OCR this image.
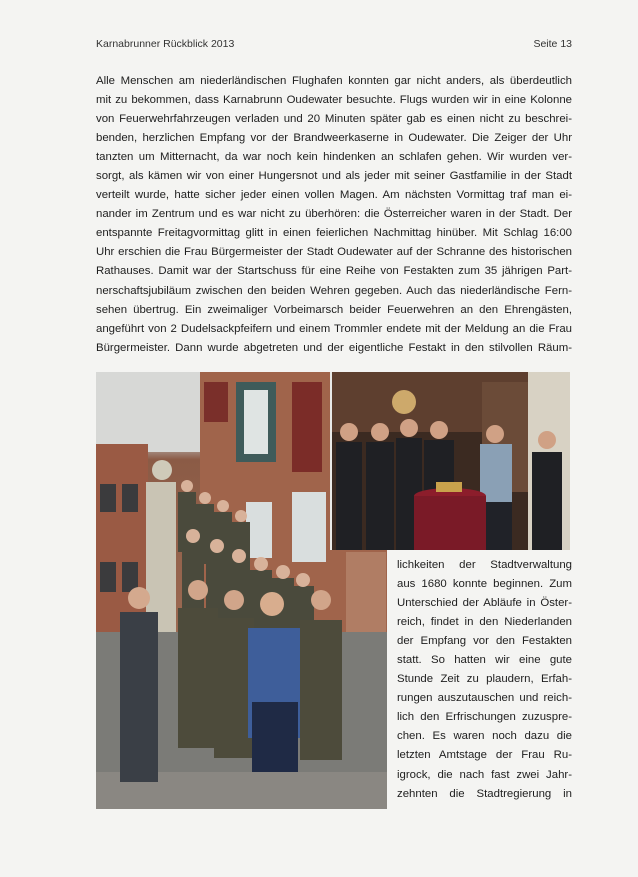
Karnabrunner Rückblick 2013	Seite 13
Alle Menschen am niederländischen Flughafen konnten gar nicht anders, als überdeutlich
mit zu bekommen, dass Karnabrunn Oudewater besuchte. Flugs wurden wir in eine Kolonne
von Feuerwehrfahrzeugen verladen und 20 Minuten später gab es einen nicht zu beschrei-
benden, herzlichen Empfang vor der Brandweerkaserne in Oudewater. Die Zeiger der Uhr
tanzten um Mitternacht, da war noch kein hindenken an schlafen gehen. Wir wurden ver-
sorgt, als kämen wir von einer Hungersnot und als jeder mit seiner Gastfamilie in der Stadt
verteilt wurde, hatte sicher jeder einen vollen Magen. Am nächsten Vormittag traf man ei-
nander im Zentrum und es war nicht zu überhören: die Österreicher waren in der Stadt. Der
entspannte Freitagvormittag glitt in einen feierlichen Nachmittag hinüber. Mit Schlag 16:00
Uhr erschien die Frau Bürgermeister der Stadt Oudewater auf der Schranne des historischen
Rathauses. Damit war der Startschuss für eine Reihe von Festakten zum 35 jährigen Part-
nerschaftsjubiläum zwischen den beiden Wehren gegeben. Auch das niederländische Fern-
sehen übertrug. Ein zweimaliger Vorbeimarsch beider Feuerwehren an den Ehrengästen,
angeführt von 2 Dudelsackpfeifern und einem Trommler endete mit der Meldung an die Frau
Bürgermeister. Dann wurde abgetreten und der eigentliche Festakt in den stilvollen Räum-
lichkeiten der Stadtverwaltung
aus 1680 konnte beginnen. Zum
Unterschied der Abläufe in Öster-
reich, findet in den Niederlanden
der Empfang vor den Festakten
statt. So hatten wir eine gute
Stunde Zeit zu plaudern, Erfah-
rungen auszutauschen und reich-
lich den Erfrischungen zuzuspre-
chen. Es waren noch dazu die
letzten Amtstage der Frau Ru-
igrock, die nach fast zwei Jahr-
zehnten die Stadtregierung in
